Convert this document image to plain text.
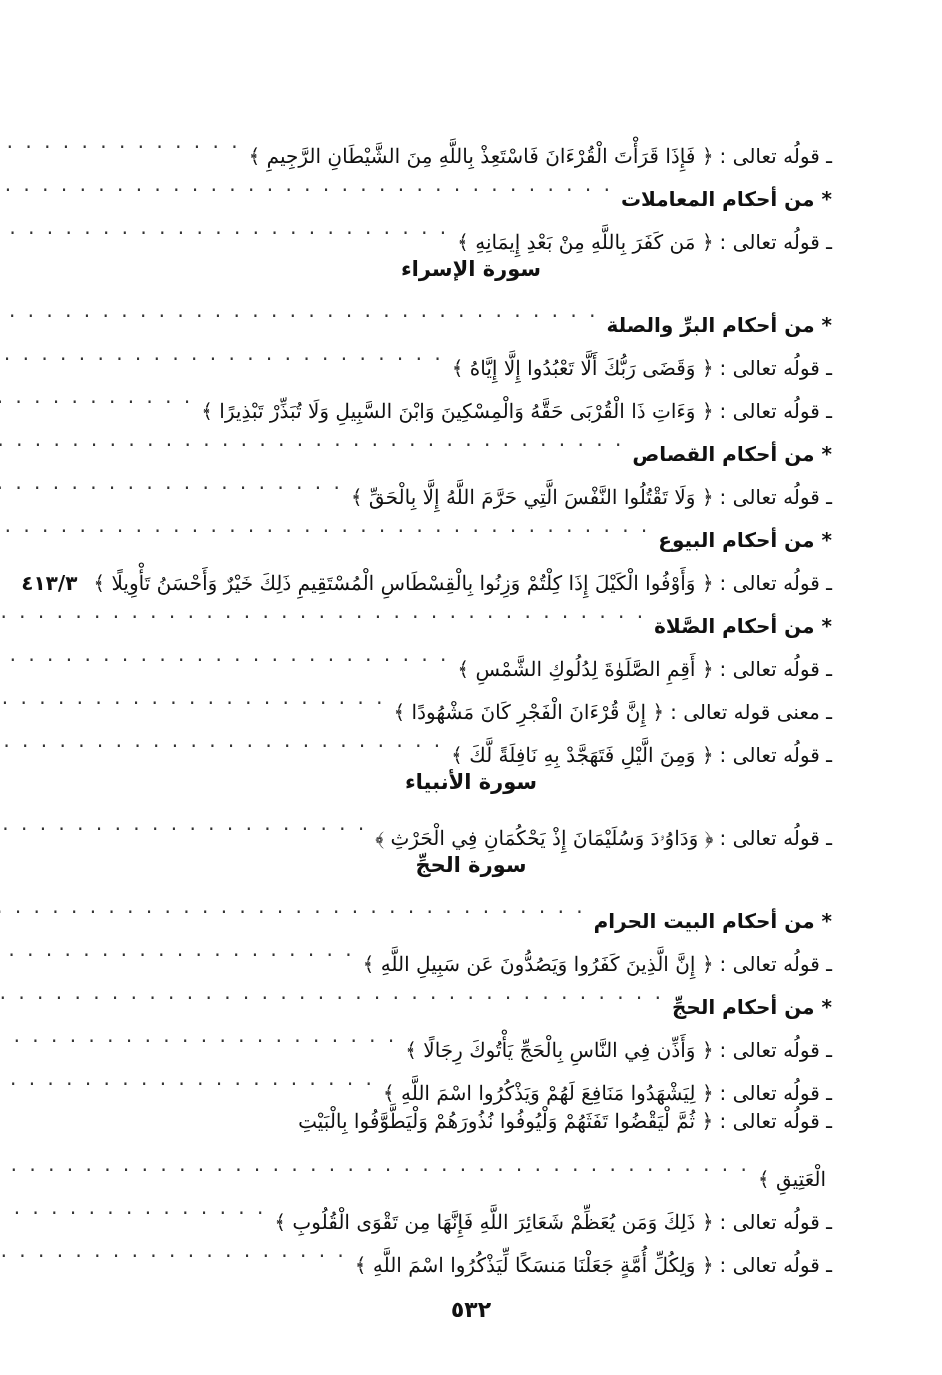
ـ قولُه تعالى :
﴿ فَإِذَا قَرَأْتَ الْقُرْءَانَ فَاسْتَعِذْ بِاللَّهِ مِنَ الشَّيْطَانِ الرَّجِيمِ ﴾
. . .
* من أحكام المعاملات
. . .
ـ قولُه تعالى :
﴿ مَن كَفَرَ بِاللَّهِ مِنْ بَعْدِ إِيمَانِهِ ﴾
. . .
سورة الإسراء
* من أحكام البرِّ والصلة
. . .
ـ قولُه تعالى :
﴿ وَقَضَى رَبُّكَ أَلَّا تَعْبُدُوا إِلَّا إِيَّاهُ ﴾
. . .
ـ قولُه تعالى :
﴿ وَءَاتِ ذَا الْقُرْبَى حَقَّهُ وَالْمِسْكِينَ وَابْنَ السَّبِيلِ وَلَا تُبَذِّرْ تَبْذِيرًا ﴾
. . .
* من أحكام القصاص
. . .
ـ قولُه تعالى :
﴿ وَلَا تَقْتُلُوا النَّفْسَ الَّتِي حَرَّمَ اللَّهُ إِلَّا بِالْحَقِّ ﴾
. . .
* من أحكام البيوع
. . .
ـ قولُه تعالى :
﴿ وَأَوْفُوا الْكَيْلَ إِذَا كِلْتُمْ وَزِنُوا بِالْقِسْطَاسِ الْمُسْتَقِيمِ ذَلِكَ خَيْرٌ وَأَحْسَنُ تَأْوِيلًا ﴾
٤١٣/٣
* من أحكام الصَّلاة
. . .
ـ قولُه تعالى :
﴿ أَقِمِ الصَّلَوٰةَ لِدُلُوكِ الشَّمْسِ ﴾
. . .
ـ معنى قوله تعالى :
﴿ إِنَّ قُرْءَانَ الْفَجْرِ كَانَ مَشْهُودًا ﴾
. . .
ـ قولُه تعالى :
﴿ وَمِنَ الَّيْلِ فَتَهَجَّدْ بِهِ نَافِلَةً لَّكَ ﴾
. . .
سورة الأنبياء
ـ قولُه تعالى :
﴿ وَدَاوُۥدَ وَسُلَيْمَانَ إِذْ يَحْكُمَانِ فِي الْحَرْثِ ﴾
. . .
سورة الحجِّ
* من أحكام البيت الحرام
. . .
ـ قولُه تعالى :
﴿ إِنَّ الَّذِينَ كَفَرُوا وَيَصُدُّونَ عَن سَبِيلِ اللَّهِ ﴾
. . .
* من أحكام الحجِّ
. . .
ـ قولُه تعالى :
﴿ وَأَذِّن فِي النَّاسِ بِالْحَجِّ يَأْتُوكَ رِجَالًا ﴾
. . .
ـ قولُه تعالى :
﴿ لِيَشْهَدُوا مَنَافِعَ لَهُمْ وَيَذْكُرُوا اسْمَ اللَّهِ ﴾
. . .
ـ قولُه تعالى : ﴿ ثُمَّ لْيَقْضُوا تَفَثَهُمْ وَلْيُوفُوا نُذُورَهُمْ وَلْيَطَّوَّفُوا بِالْبَيْتِ
الْعَتِيقِ ﴾
. . .
ـ قولُه تعالى :
﴿ ذَلِكَ وَمَن يُعَظِّمْ شَعَائِرَ اللَّهِ فَإِنَّهَا مِن تَقْوَى الْقُلُوبِ ﴾
. . .
ـ قولُه تعالى :
﴿ وَلِكُلِّ أُمَّةٍ جَعَلْنَا مَنسَكًا لِّيَذْكُرُوا اسْمَ اللَّهِ ﴾
. . .
٥٣٢
